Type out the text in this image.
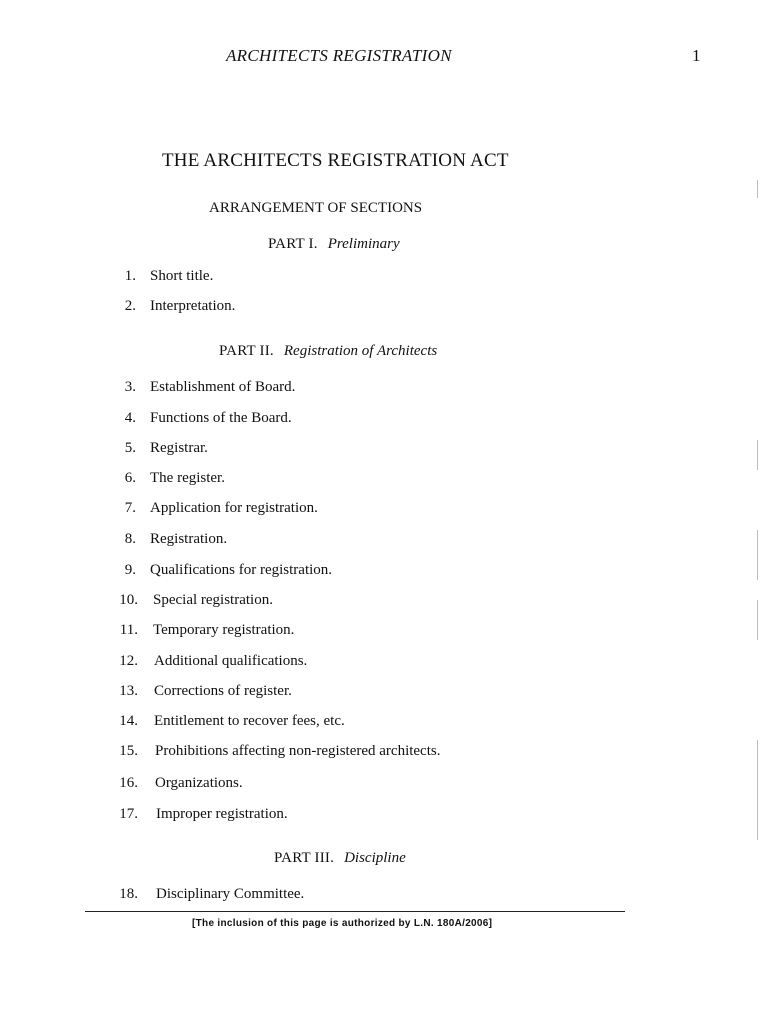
ARCHITECTS REGISTRATION	1
THE ARCHITECTS REGISTRATION ACT
ARRANGEMENT OF SECTIONS
PART I. Preliminary
1. Short title.
2. Interpretation.
PART II. Registration of Architects
3. Establishment of Board.
4. Functions of the Board.
5. Registrar.
6. The register.
7. Application for registration.
8. Registration.
9. Qualifications for registration.
10. Special registration.
11. Temporary registration.
12. Additional qualifications.
13. Corrections of register.
14. Entitlement to recover fees, etc.
15. Prohibitions affecting non-registered architects.
16. Organizations.
17. Improper registration.
PART III. Discipline
18. Disciplinary Committee.
[The inclusion of this page is authorized by L.N. 180A/2006]
